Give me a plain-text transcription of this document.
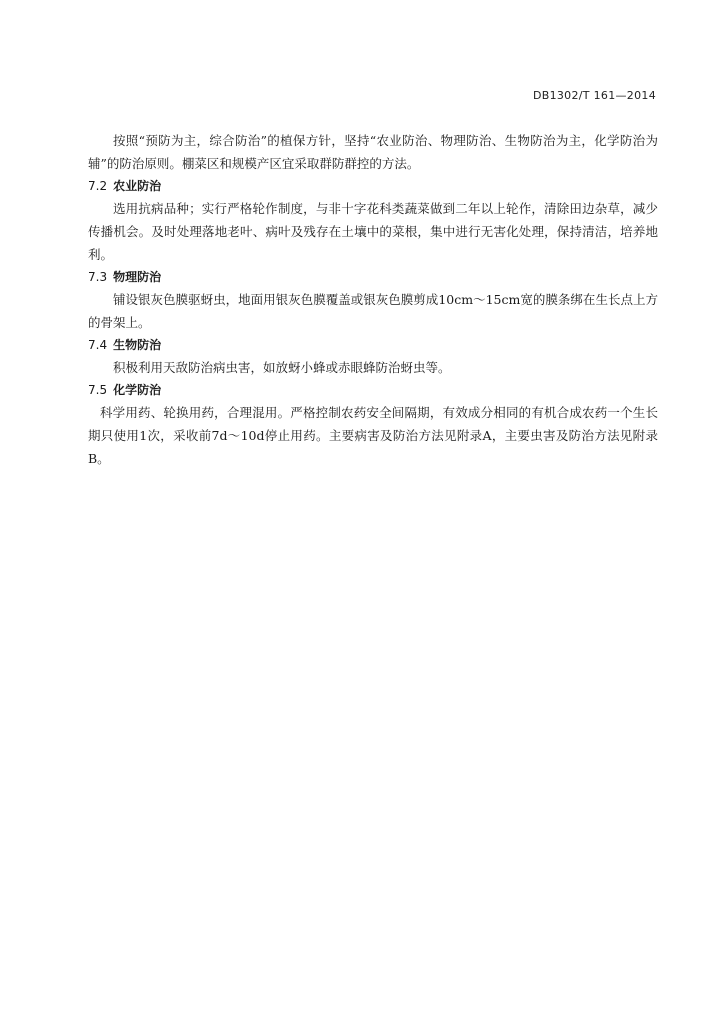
DB1302/T 161—2014

按照“预防为主，综合防治”的植保方针，坚持“农业防治、物理防治、生物防治为主，化学防治为辅”的防治原则。棚菜区和规模产区宜采取群防群控的方法。

7.2 农业防治

选用抗病品种；实行严格轮作制度，与非十字花科类蔬菜做到二年以上轮作，清除田边杂草，减少传播机会。及时处理落地老叶、病叶及残存在土壤中的菜根，集中进行无害化处理，保持清洁，培养地利。

7.3 物理防治

铺设银灰色膜驱蚜虫，地面用银灰色膜覆盖或银灰色膜剪成10cm～15cm宽的膜条绑在生长点上方的骨架上。

7.4 生物防治

积极利用天敌防治病虫害，如放蚜小蜂或赤眼蜂防治蚜虫等。

7.5 化学防治

科学用药、轮换用药，合理混用。严格控制农药安全间隔期，有效成分相同的有机合成农药一个生长期只使用1次，采收前7d～10d停止用药。主要病害及防治方法见附录A，主要虫害及防治方法见附录B。
